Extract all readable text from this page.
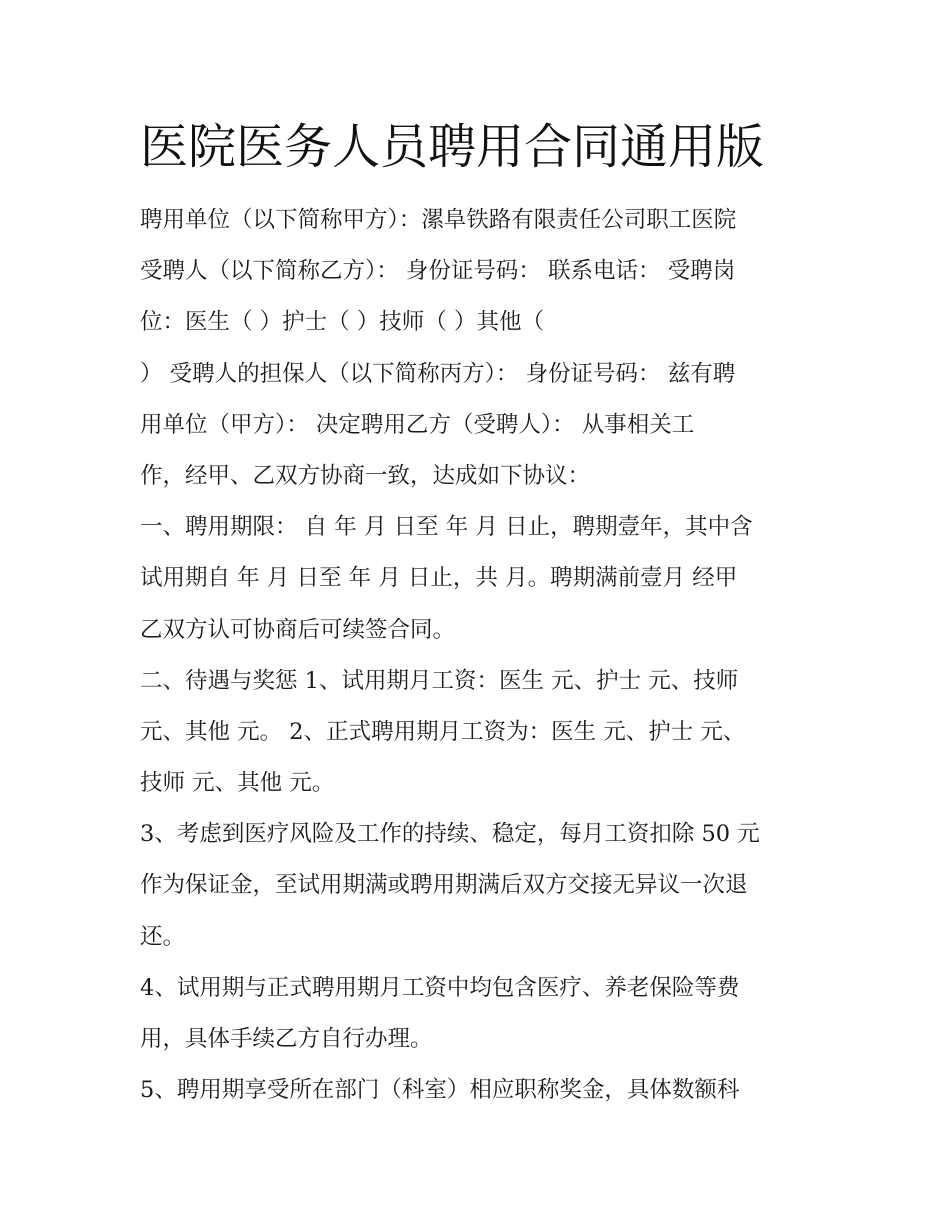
医院医务人员聘用合同通用版
聘用单位（以下简称甲方）：漯阜铁路有限责任公司职工医院
受聘人（以下简称乙方）： 身份证号码： 联系电话： 受聘岗
位：医生（ ）护士（ ）技师（ ）其他（
） 受聘人的担保人（以下简称丙方）： 身份证号码： 兹有聘
用单位（甲方）： 决定聘用乙方（受聘人）： 从事相关工
作，经甲、乙双方协商一致，达成如下协议：
一、聘用期限： 自 年 月 日至 年 月 日止，聘期壹年，其中含
试用期自 年 月 日至 年 月 日止，共 月。聘期满前壹月 经甲
乙双方认可协商后可续签合同。
二、待遇与奖惩 1、试用期月工资：医生 元、护士 元、技师
元、其他 元。 2、正式聘用期月工资为：医生 元、护士 元、
技师 元、其他 元。
3、考虑到医疗风险及工作的持续、稳定，每月工资扣除 50 元
作为保证金，至试用期满或聘用期满后双方交接无异议一次退
还。
4、试用期与正式聘用期月工资中均包含医疗、养老保险等费
用，具体手续乙方自行办理。
5、聘用期享受所在部门（科室）相应职称奖金，具体数额科
